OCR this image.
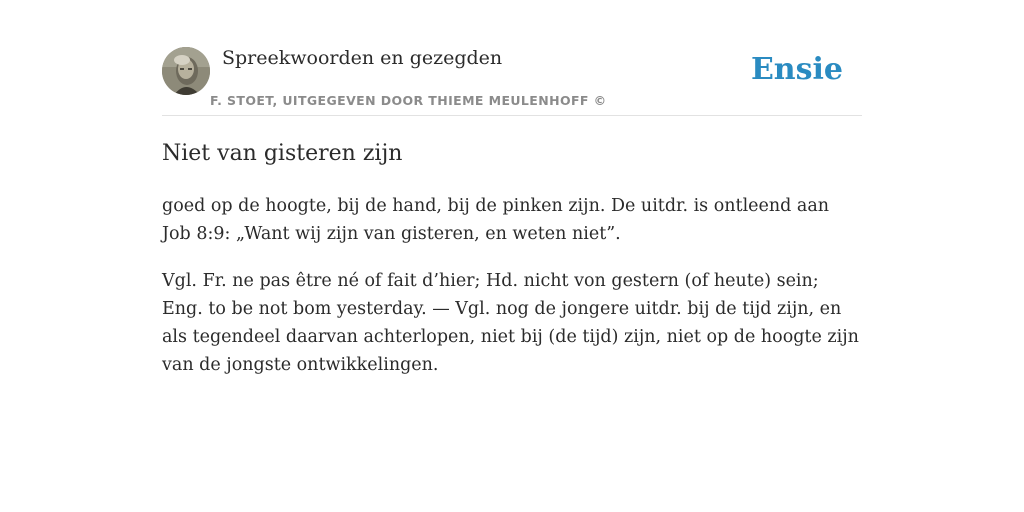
Spreekwoorden en gezegden
F. STOET, UITGEGEVEN DOOR THIEME MEULENHOFF ©
Ensie
Niet van gisteren zijn

goed op de hoogte, bij de hand, bij de pinken zijn. De uitdr. is ontleend aan Job 8:9: „Want wij zijn van gisteren, en weten niet”.

Vgl. Fr. ne pas être né of fait d’hier; Hd. nicht von gestern (of heute) sein; Eng. to be not bom yesterday. — Vgl. nog de jongere uitdr. bij de tijd zijn, en als tegendeel daarvan achterlopen, niet bij (de tijd) zijn, niet op de hoogte zijn van de jongste ontwikkelingen.
